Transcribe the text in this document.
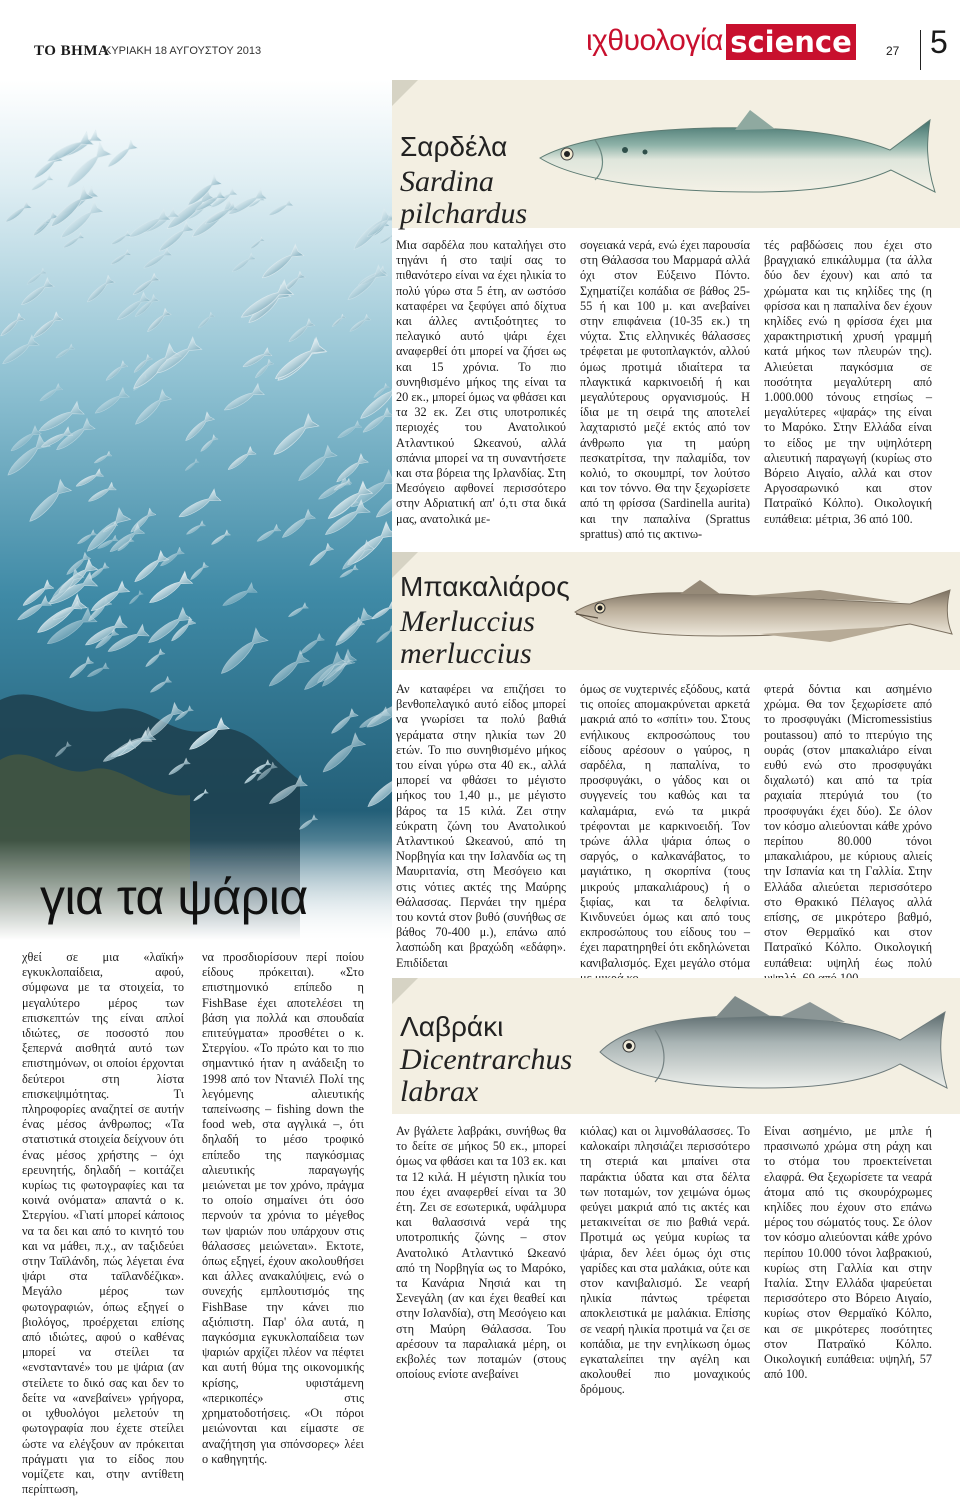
ΤΟ ΒΗΜΑ
ΚΥΡΙΑΚΗ 18 ΑΥΓΟΥΣΤΟΥ 2013	ιχθυολογία science	27 5
για τα ψάρια
Σαρδέλα
Sardina
pilchardus

Μια σαρδέλα που καταλήγει στο τηγάνι ή στο ταψί σας το πιθανότερο είναι να έχει ηλικία το πολύ γύρω στα 5 έτη, αν ωστόσο καταφέρει να ξεφύγει από δίχτυα και άλλες αντιξοότητες το πελαγικό αυτό ψάρι έχει αναφερθεί ότι μπορεί να ζήσει ως και 15 χρόνια. Το πιο συνηθισμένο μήκος της είναι τα 20 εκ., μπορεί όμως να φθάσει και τα 32 εκ. Ζει στις υποτροπικές περιοχές του Ανατολικού Ατλαντικού Ωκεανού, αλλά σπάνια μπορεί να τη συναντήσετε και στα βόρεια της Ιρλανδίας. Στη Μεσόγειο αφθονεί περισσότερο στην Αδριατική απ' ό,τι στα δικά μας, ανατολικά με-

σογειακά νερά, ενώ έχει παρουσία στη Θάλασσα του Μαρμαρά αλλά όχι στον Εύξεινο Πόντο. Σχηματίζει κοπάδια σε βάθος 25-55 ή και 100 μ. και ανεβαίνει στην επιφάνεια (10-35 εκ.) τη νύχτα. Στις ελληνικές θάλασσες τρέφεται με φυτοπλαγκτόν, αλλού όμως προτιμά ιδιαίτερα τα πλαγκτικά καρκινοειδή ή και μεγαλύτερους οργανισμούς. Η ίδια με τη σειρά της αποτελεί λαχταριστό μεζέ εκτός από τον άνθρωπο για τη μαύρη πεσκατρίτσα, την παλαμίδα, τον κολιό, το σκουμπρί, τον λούτσο και τον τόννο. Θα την ξεχωρίσετε από τη φρίσσα (Sardinella aurita) και την παπαλίνα (Sprattus sprattus) από τις ακτινω-

τές ραβδώσεις που έχει στο βραγχιακό επικάλυμμα (τα άλλα δύο δεν έχουν) και από τα χρώματα και τις κηλίδες της (η φρίσσα και η παπαλίνα δεν έχουν κηλίδες ενώ η φρίσσα έχει μια χαρακτηριστική χρυσή γραμμή κατά μήκος των πλευρών της). Αλιεύεται παγκόσμια σε ποσότητα μεγαλύτερη από 1.000.000 τόνους ετησίως – μεγαλύτερες «ψαράς» της είναι το Μαρόκο. Στην Ελλάδα είναι το είδος με την υψηλότερη αλιευτική παραγωγή (κυρίως στο Βόρειο Αιγαίο, αλλά και στον Αργοσαρωνικό και στον Πατραϊκό Κόλπο). Οικολογική ευπάθεια: μέτρια, 36 από 100.

Μπακαλιάρος
Merluccius
merluccius

Αν καταφέρει να επιζήσει το βενθοπελαγικό αυτό είδος μπορεί να γνωρίσει τα πολύ βαθιά γεράματα στην ηλικία των 20 ετών. Το πιο συνηθισμένο μήκος του είναι γύρω στα 40 εκ., αλλά μπορεί να φθάσει το μέγιστο μήκος του 1,40 μ., με μέγιστο βάρος τα 15 κιλά. Ζει στην εύκρατη ζώνη του Ανατολικού Ατλαντικού Ωκεανού, από τη Νορβηγία και την Ισλανδία ως τη Μαυριτανία, στη Μεσόγειο και στις νότιες ακτές της Μαύρης Θάλασσας. Περνάει την ημέρα του κοντά στον βυθό (συνήθως σε βάθος 70-400 μ.), επάνω από λασπώδη και βραχώδη «εδάφη». Επιδίδεται

όμως σε νυχτερινές εξόδους, κατά τις οποίες απομακρύνεται αρκετά μακριά από το «σπίτι» του. Στους ενήλικους εκπροσώπους του είδους αρέσουν ο γαύρος, η σαρδέλα, η παπαλίνα, το προσφυγάκι, ο γάδος και οι συγγενείς του καθώς και τα καλαμάρια, ενώ τα μικρά τρέφονται με καρκινοειδή. Τον τρώνε άλλα ψάρια όπως ο σαργός, ο καλκανάβατος, το μαγιάτικο, η σκορπίνα (τους μικρούς μπακαλιάρους) ή ο ξιφίας, και τα δελφίνια. Κινδυνεύει όμως και από τους εκπροσώπους του είδους του – έχει παρατηρηθεί ότι εκδηλώνεται κανιβαλισμός. Εχει μεγάλο στόμα

φτερά δόντια και ασημένιο χρώμα. Θα τον ξεχωρίσετε από το προσφυγάκι (Micromessistius poutassou) από το πτερύγιο της ουράς (στον μπακαλιάρο είναι ευθύ ενώ στο προσφυγάκι διχαλωτό) και από τα τρία ραχιαία πτερύγιά του (το προσφυγάκι έχει δύο). Σε όλον τον κόσμο αλιεύονται κάθε χρόνο περίπου 80.000 τόνοι μπακαλιάρου, με κύριους αλιείς την Ισπανία και τη Γαλλία. Στην Ελλάδα αλιεύεται περισσότερο στο Θρακικό Πέλαγος αλλά επίσης, σε μικρότερο βαθμό, στον Θερμαϊκό και στον Πατραϊκό Κόλπο. Οικολογική ευπάθεια: υψηλή έως πολύ

χθεί σε μια «λαϊκή» εγκυκλοπαίδεια, αφού, σύμφωνα με τα στοιχεία, το μεγαλύτερο μέρος των επισκεπτών της είναι απλοί ιδιώτες, σε ποσοστό που ξεπερνά αισθητά αυτό των επιστημόνων, οι οποίοι έρχονται δεύτεροι στη λίστα επισκεψιμότητας. Τι πληροφορίες αναζητεί σε αυτήν ένας μέσος άνθρωπος; «Τα στατιστικά στοιχεία δείχνουν ότι ένας μέσος χρήστης – όχι ερευνητής, δηλαδή – κοιτάζει κυρίως τις φωτογραφίες και τα κοινά ονόματα» απαντά ο κ. Στεργίου. «Γιατί μπορεί κάποιος να τα δει και από το κινητό του και να μάθει, π.χ., αν ταξιδεύει στην Ταϊλάνδη, πώς λέγεται ένα ψάρι στα ταϊλανδέζικα». Μεγάλο μέρος των φωτογραφιών, όπως εξηγεί ο βιολόγος, προέρχεται επίσης από ιδιώτες, αφού ο καθένας μπορεί να στείλει τα «ενσταντανέ» του με ψάρια (αν στείλετε το δικό σας και δεν το δείτε να «ανεβαίνει» γρήγορα, οι ιχθυολόγοι μελετούν τη φωτογραφία που έχετε στείλει ώστε να ελέγξουν αν πρόκειται πράγματι για το είδος που νομίζετε και, στην αντίθετη περίπτωση,

να προσδιορίσουν περί ποίου είδους πρόκειται). «Στο επιστημονικό επίπεδο η FishBase έχει αποτελέσει τη βάση για πολλά και σπουδαία επιτεύγματα» προσθέτει ο κ. Στεργίου. «Το πρώτο και το πιο σημαντικό ήταν η ανάδειξη το 1998 από τον Ντανιέλ Πολί της λεγόμενης αλιευτικής ταπείνωσης – fishing down the food web, στα αγγλικά –, ότι δηλαδή το μέσο τροφικό επίπεδο της παγκόσμιας αλιευτικής παραγωγής μειώνεται με τον χρόνο, πράγμα το οποίο σημαίνει ότι όσο περνούν τα χρόνια το μέγεθος των ψαριών που υπάρχουν στις θάλασσες μειώνεται». Εκτοτε, όπως εξηγεί, έχουν ακολουθήσει και άλλες ανακαλύψεις, ενώ ο συνεχής εμπλουτισμός της FishBase την κάνει πιο αξιόπιστη. Παρ' όλα αυτά, η παγκόσμια εγκυκλοπαίδεια των ψαριών αρχίζει πλέον να πέφτει και αυτή θύμα της οικονομικής κρίσης, υφιστάμενη «περικοπές» στις χρηματοδοτήσεις. «Οι πόροι μειώνονται και είμαστε σε αναζήτηση για σπόνσορες» λέει ο καθηγητής.

Λαβράκι
Dicentrarchus
labrax

Αν βγάλετε λαβράκι, συνήθως θα το δείτε σε μήκος 50 εκ., μπορεί όμως να φθάσει και τα 103 εκ. και τα 12 κιλά. Η μέγιστη ηλικία του που έχει αναφερθεί είναι τα 30 έτη. Ζει σε εσωτερικά, υφάλμυρα και θαλασσινά νερά της υποτροπικής ζώνης – στον Ανατολικό Ατλαντικό Ωκεανό από τη Νορβηγία ως το Μαρόκο, τα Κανάρια Νησιά και τη Σενεγάλη (αν και έχει θεαθεί και στην Ισλανδία), στη Μεσόγειο και στη Μαύρη Θάλασσα. Του αρέσουν τα παραλιακά μέρη, οι εκβολές των ποταμών (στους οποίους ενίοτε ανεβαίνει

κιόλας) και οι λιμνοθάλασσες. Το καλοκαίρι πλησιάζει περισσότερο τη στεριά και μπαίνει στα παράκτια ύδατα και στα δέλτα των ποταμών, τον χειμώνα όμως φεύγει μακριά από τις ακτές και μετακινείται σε πιο βαθιά νερά. Προτιμά ως γεύμα κυρίως τα ψάρια, δεν λέει όμως όχι στις γαρίδες και στα μαλάκια, ούτε και στον κανιβαλισμό. Σε νεαρή ηλικία πάντως τρέφεται αποκλειστικά με μαλάκια. Επίσης σε νεαρή ηλικία προτιμά να ζει σε κοπάδια, με την ενηλίκωση όμως εγκαταλείπει την αγέλη και ακολουθεί πιο μοναχικούς δρόμους.

Είναι ασημένιο, με μπλε ή πρασινωπό χρώμα στη ράχη και το στόμα του προεκτείνεται ελαφρά. Θα ξεχωρίσετε τα νεαρά άτομα από τις σκουρόχρωμες κηλίδες που έχουν στο επάνω μέρος του σώματός τους. Σε όλον τον κόσμο αλιεύονται κάθε χρόνο περίπου 10.000 τόνοι λαβρακιού, κυρίως στη Γαλλία και στην Ιταλία. Στην Ελλάδα ψαρεύεται περισσότερο στο Βόρειο Αιγαίο, κυρίως στον Θερμαϊκό Κόλπο, και σε μικρότερες ποσότητες στον Πατραϊκό Κόλπο. Οικολογική ευπάθεια: υψηλή, 57 από 100.
